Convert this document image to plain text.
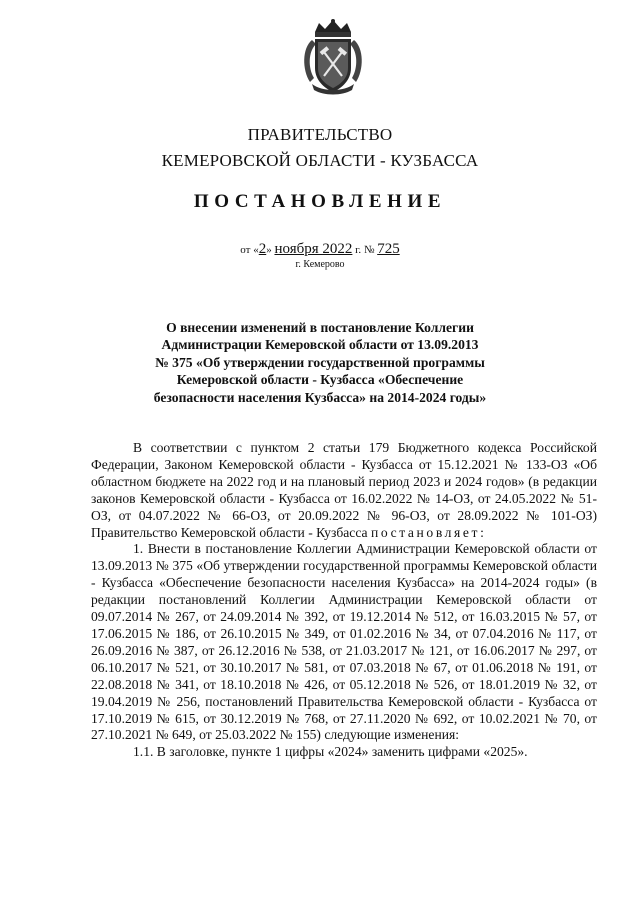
ПРАВИТЕЛЬСТВО
КЕМЕРОВСКОЙ ОБЛАСТИ - КУЗБАССА
ПОСТАНОВЛЕНИЕ
от «2» ноября 2022 г. № 725
г. Кемерово
О внесении изменений в постановление Коллегии
Администрации Кемеровской области от 13.09.2013
№ 375 «Об утверждении государственной программы
Кемеровской области - Кузбасса «Обеспечение
безопасности населения Кузбасса» на 2014-2024 годы»

В соответствии с пунктом 2 статьи 179 Бюджетного кодекса Российской Федерации, Законом Кемеровской области - Кузбасса от 15.12.2021 № 133-ОЗ «Об областном бюджете на 2022 год и на плановый период 2023 и 2024 годов» (в редакции законов Кемеровской области - Кузбасса от 16.02.2022 № 14-ОЗ, от 24.05.2022 № 51-ОЗ, от 04.07.2022 № 66-ОЗ, от 20.09.2022 № 96-ОЗ, от 28.09.2022 № 101-ОЗ) Правительство Кемеровской области - Кузбасса постановляет:

1. Внести в постановление Коллегии Администрации Кемеровской области от 13.09.2013 № 375 «Об утверждении государственной программы Кемеровской области - Кузбасса «Обеспечение безопасности населения Кузбасса» на 2014-2024 годы» (в редакции постановлений Коллегии Администрации Кемеровской области от 09.07.2014 № 267, от 24.09.2014 № 392, от 19.12.2014 № 512, от 16.03.2015 № 57, от 17.06.2015 № 186, от 26.10.2015 № 349, от 01.02.2016 № 34, от 07.04.2016 № 117, от 26.09.2016 № 387, от 26.12.2016 № 538, от 21.03.2017 № 121, от 16.06.2017 № 297, от 06.10.2017 № 521, от 30.10.2017 № 581, от 07.03.2018 № 67, от 01.06.2018 № 191, от 22.08.2018 № 341, от 18.10.2018 № 426, от 05.12.2018 № 526, от 18.01.2019 № 32, от 19.04.2019 № 256, постановлений Правительства Кемеровской области - Кузбасса от 17.10.2019 № 615, от 30.12.2019 № 768, от 27.11.2020 № 692, от 10.02.2021 № 70, от 27.10.2021 № 649, от 25.03.2022 № 155) следующие изменения:

1.1. В заголовке, пункте 1 цифры «2024» заменить цифрами «2025».
